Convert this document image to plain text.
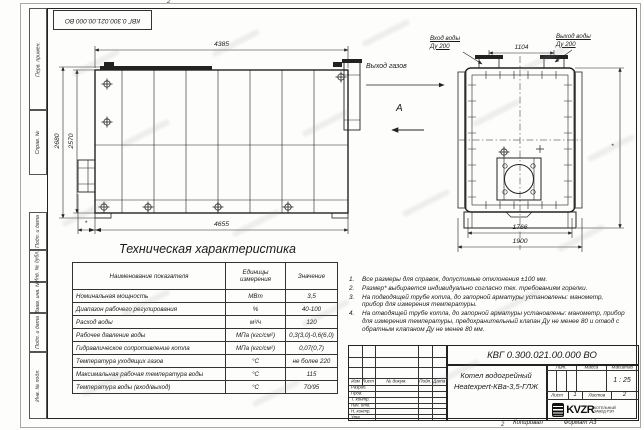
КВГ 0.300.021.00.000 ВО
Перв. примен.
Справ. №
Подп. и дата
Инв. № дубл.
Взам. инв. №
Подп. и дата
Инв. № подл.
2
2
4385
4655
*
2680	2570
Выход газов
А
Вход воды
Ду 200
Выход воды
Ду 200
1104
1766
1900
*
Техническая характеристика
Наименование показателя	Единицы измерения	Значение
Номинальная мощность	МВт	3,5
Диапазон рабочего регулирования	%	40-100
Расход воды	м³/ч	120
Рабочее давление воды	МПа (кгс/см²)	0,3(3,0)-0,6(6,0)
Гидравлическое сопротивление котла	МПа (кгс/см²)	0,07(0,7)
Температура уходящих газов	°С	не более 220
Максимальная рабочая температура воды	°С	115
Температура воды (вход/выход)	°С	70/95
1.	Все размеры для справок, допустимые отклонения ±100 мм.
2.	Размер* выбирается индивидуально согласно тех. требованиям горелки.
3.	На подводящей трубе котла, до запорной арматуры установлены: манометр, прибор для измерения температуры.
4.	На отводящей трубе котла, до запорной арматуры установлены: манометр, прибор для измерения температуры, предохранительный клапан Ду не менее 80 и отвод с обратным клапаном Ду не менее 80 мм.
Изм Лист № докум. Подп. Дата
Разраб.
Пров.
Т. контр.
Нач. отд.
Н. контр.
Утв.
КВГ 0.300.021.00.000 ВО
Котел водогрейный
Heatexpert-КВа-3,5-ГЛЖ
Лит.	Масса Масштаб
1 : 25
Лист	1	Листов	2
KVZR КОТЕЛЬНЫЙ
ЗАВОД РЭП
Копировал	Формат А3
